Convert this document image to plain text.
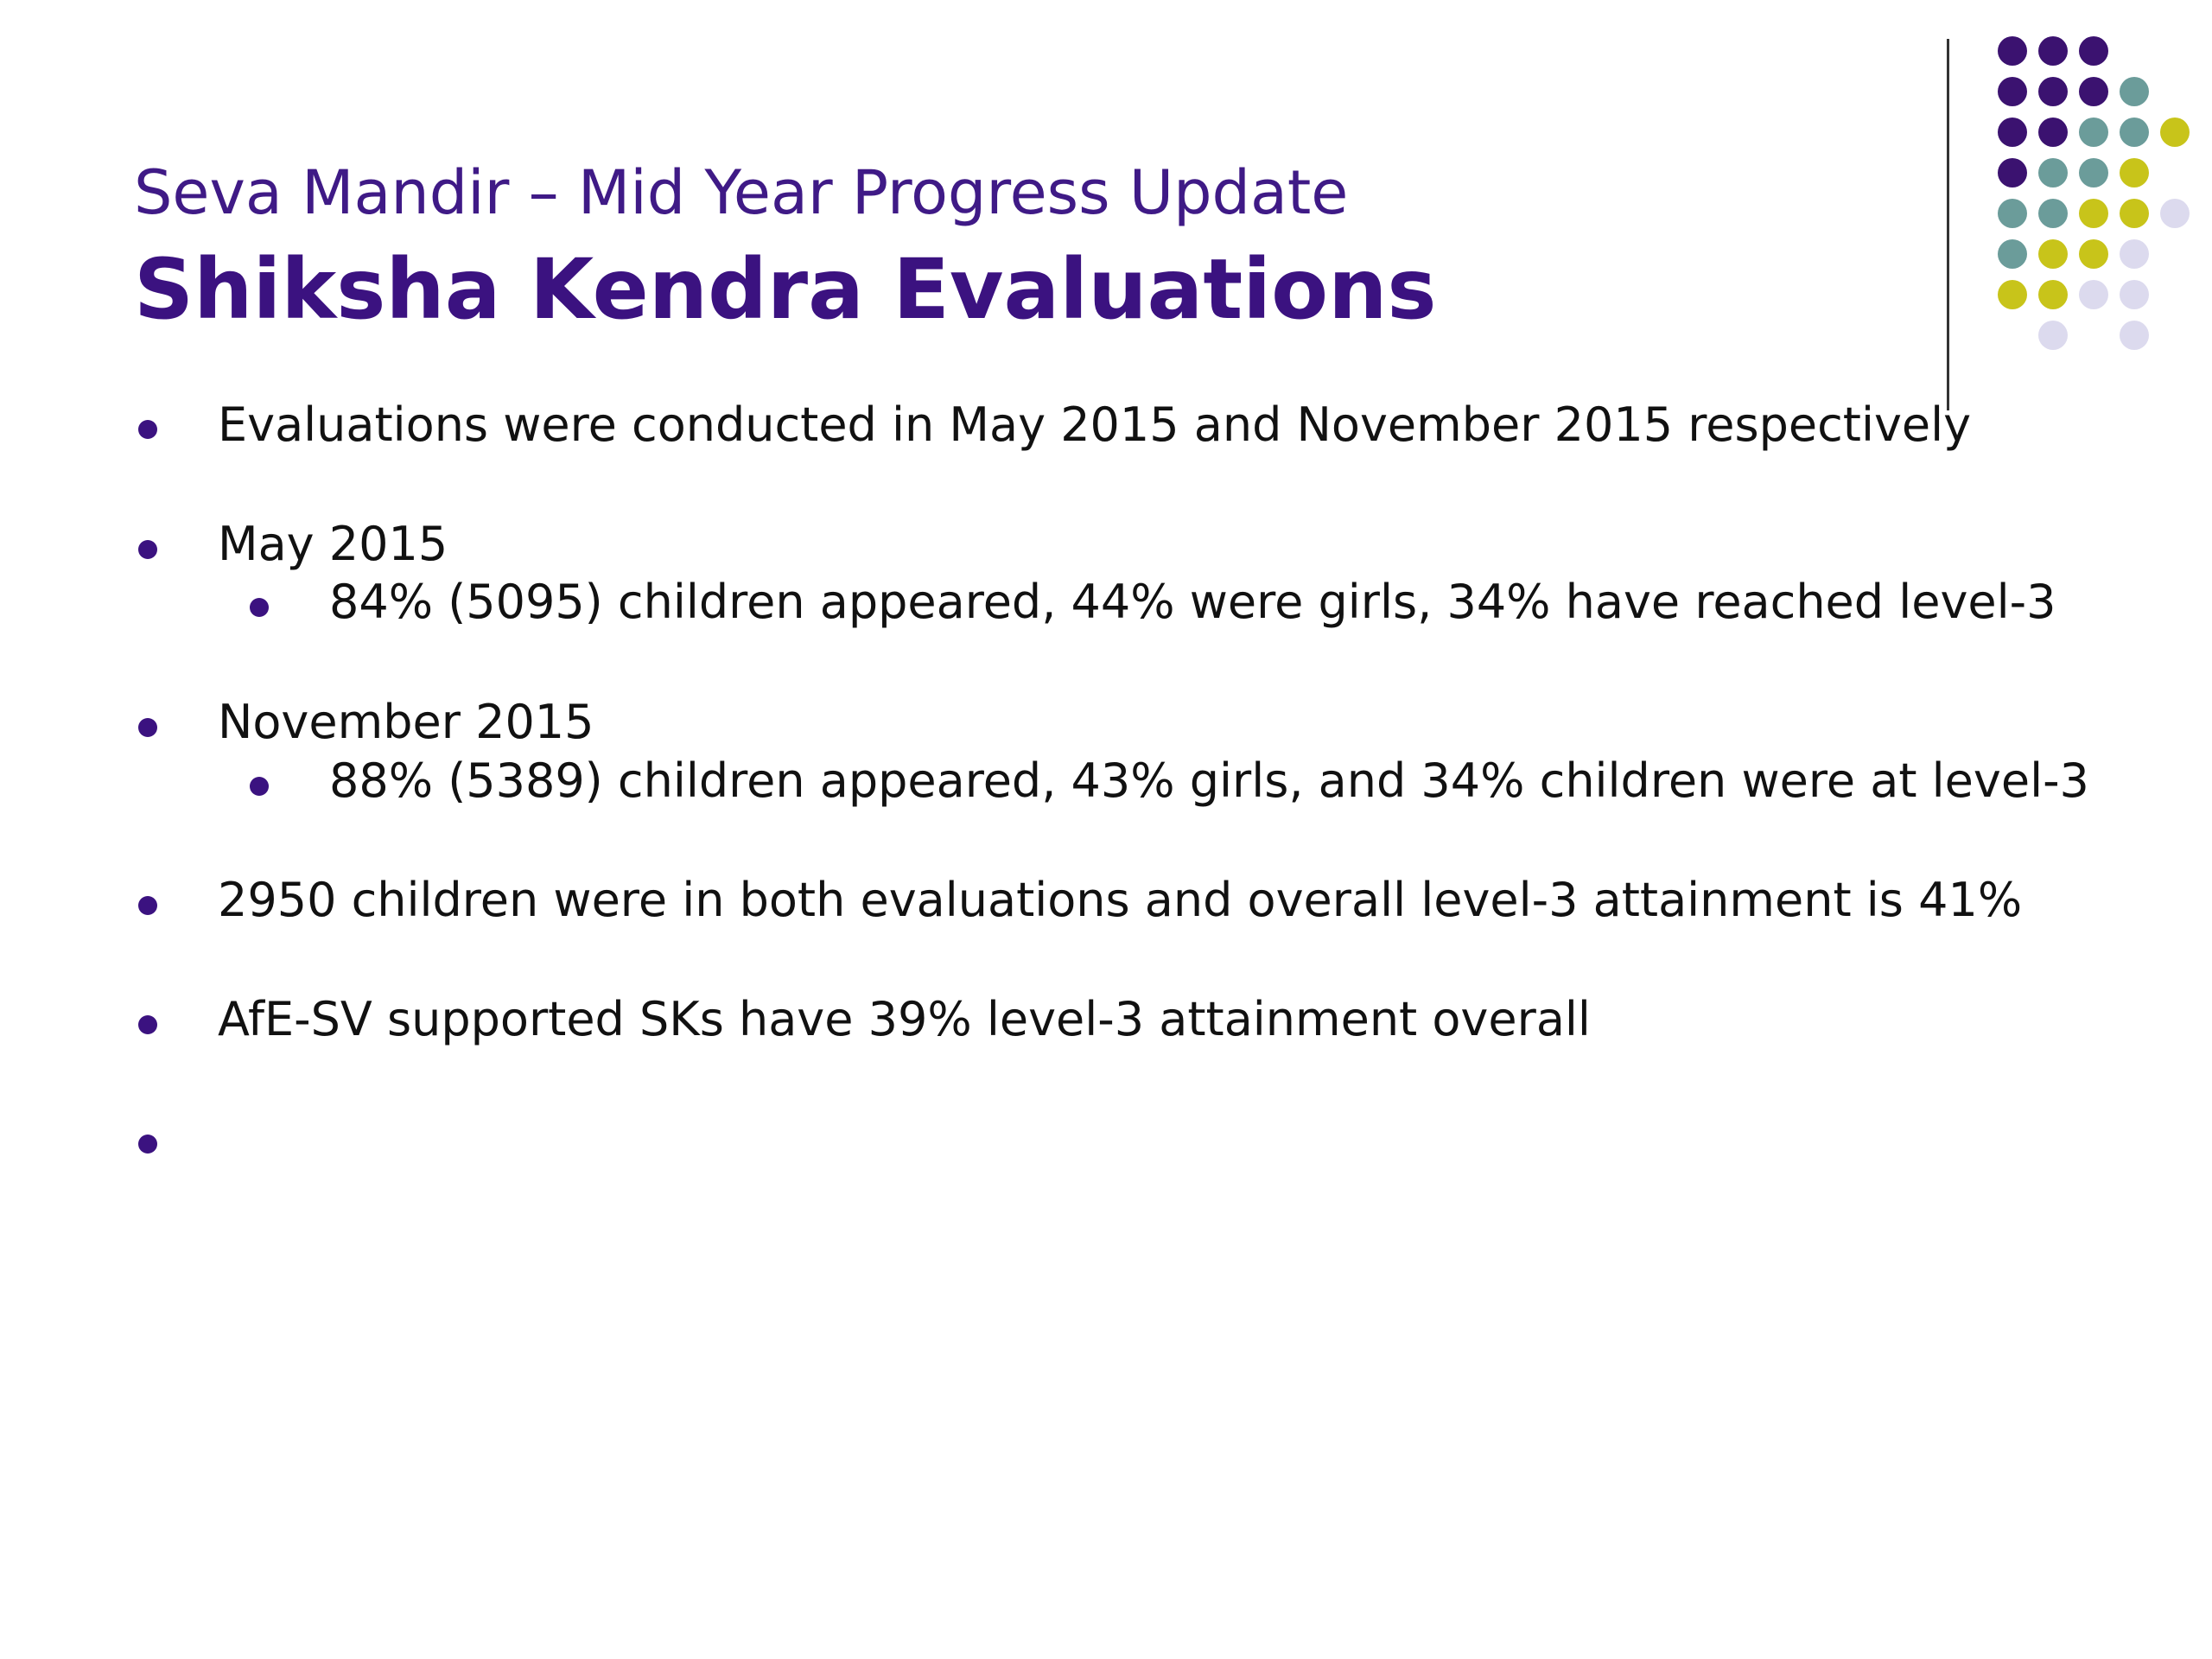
Seva Mandir – Mid Year Progress Update
Shiksha Kendra Evaluations
Evaluations were conducted in May 2015 and November 2015 respectively
May 2015
84% (5095) children appeared, 44% were girls, 34% have reached level-3
November 2015
88% (5389) children appeared, 43% girls, and 34% children were at level-3
2950 children were in both evaluations and overall level-3 attainment is 41%
AfE-SV supported SKs have 39% level-3 attainment overall
